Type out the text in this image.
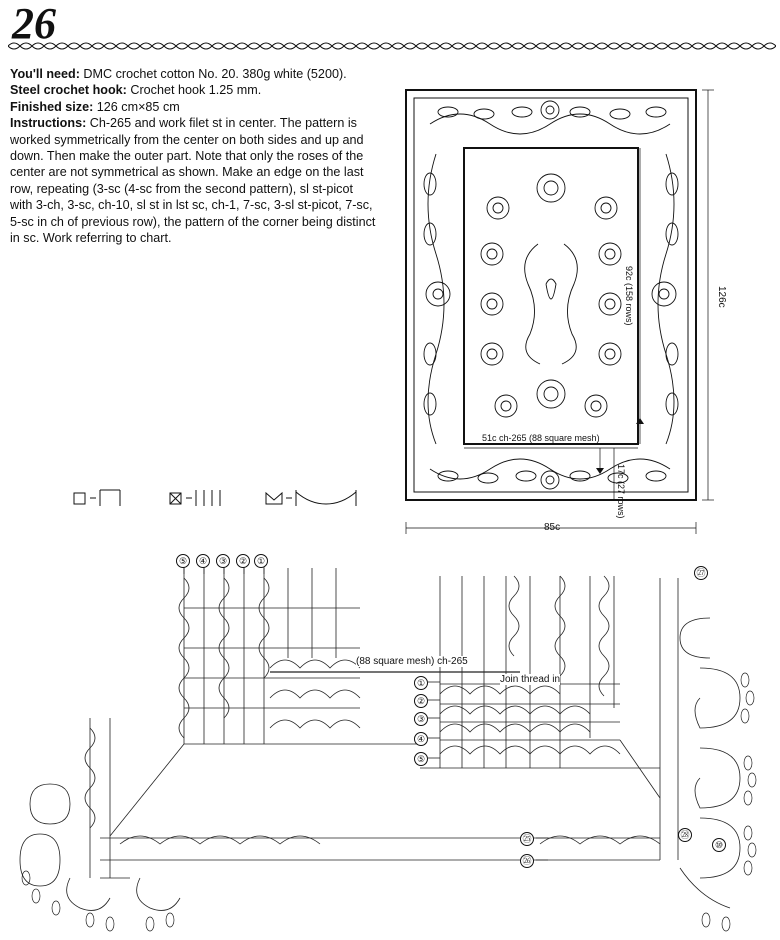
26

You'll need: DMC crochet cotton No. 20. 380g white (5200).

Steel crochet hook: Crochet hook 1.25 mm.

Finished size: 126 cm×85 cm

Instructions: Ch-265 and work filet st in center. The pattern is worked symmetrically from the center on both sides and up and down. Then make the outer part. Note that only the roses of the center are not symmetrical as shown. Make an edge on the last row, repeating (3-sc (4-sc from the second pattern), sl st-picot with 3-ch, 3-sc, ch-10, sl st in lst sc, ch-1, 7-sc, 3-sl st-picot, 7-sc, 5-sc in ch of previous row), the pattern of the corner being distinct in sc. Work referring to chart.

126c
85c
92c (158 rows)
51c ch-265 (88 square mesh)
17c (27 rows)
(88 square mesh) ch-265
Join thread in
⑤	④	③	②	①
①
②
③
④
⑤
㉕
㉖
㉗
㉘
⑩
